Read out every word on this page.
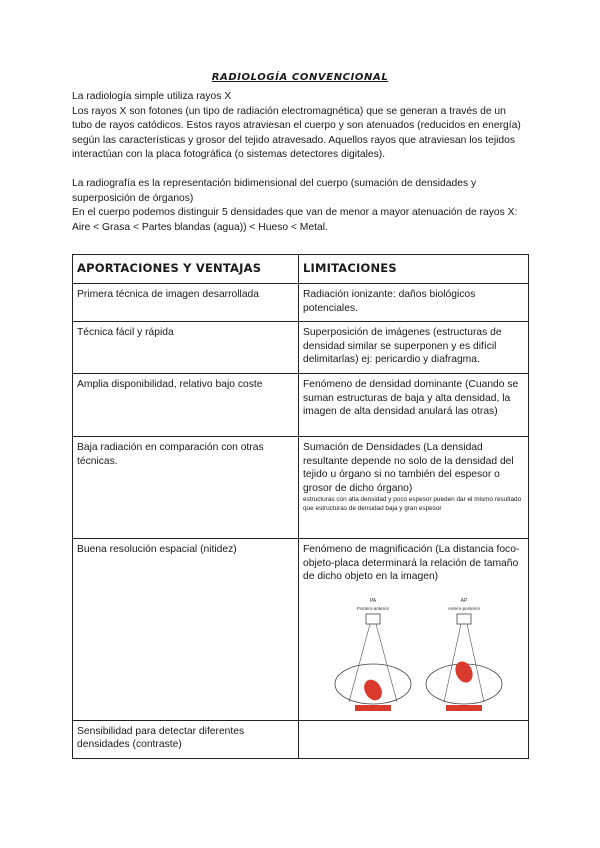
RADIOLOGÍA CONVENCIONAL

La radiología simple utiliza rayos X

Los rayos X son fotones (un tipo de radiación electromagnética) que se generan a través de un tubo de rayos catódicos. Estos rayos atraviesan el cuerpo y son atenuados (reducidos en energía) según las características y grosor del tejido atravesado. Aquellos rayos que atraviesan los tejidos interactúan con la placa fotográfica (o sistemas detectores digitales).

La radiografía es la representación bidimensional del cuerpo (sumación de densidades y superposición de órganos)

En el cuerpo podemos distinguir 5 densidades que van de menor a mayor atenuación de rayos X: Aire < Grasa < Partes blandas (agua)) < Hueso < Metal.

APORTACIONES Y VENTAJAS	LIMITACIONES
Primera técnica de imagen desarrollada	Radiación ionizante: daños biológicos potenciales.
Técnica fácil y rápida	Superposición de imágenes (estructuras de densidad similar se superponen y es difícil delimitarlas) ej: pericardio y diafragma.
Amplia disponibilidad, relativo bajo coste	Fenómeno de densidad dominante (Cuando se suman estructuras de baja y alta densidad, la imagen de alta densidad anulará las otras)
Baja radiación en comparación con otras técnicas.	Sumación de Densidades (La densidad resultante depende no solo de la densidad del tejido u órgano si no también del espesor o grosor de dicho órgano)
estructuras con alta densidad y poco espesor pueden dar el mismo resultado que estructuras de densidad baja y gran espesor

Buena resolución espacial (nitidez)	Fenómeno de magnificación (La distancia foco-objeto-placa determinará la relación de tamaño de dicho objeto en la imagen)
PA
Postero-anterior
AP
Antero-posterior

Sensibilidad para detectar diferentes densidades (contraste)	
